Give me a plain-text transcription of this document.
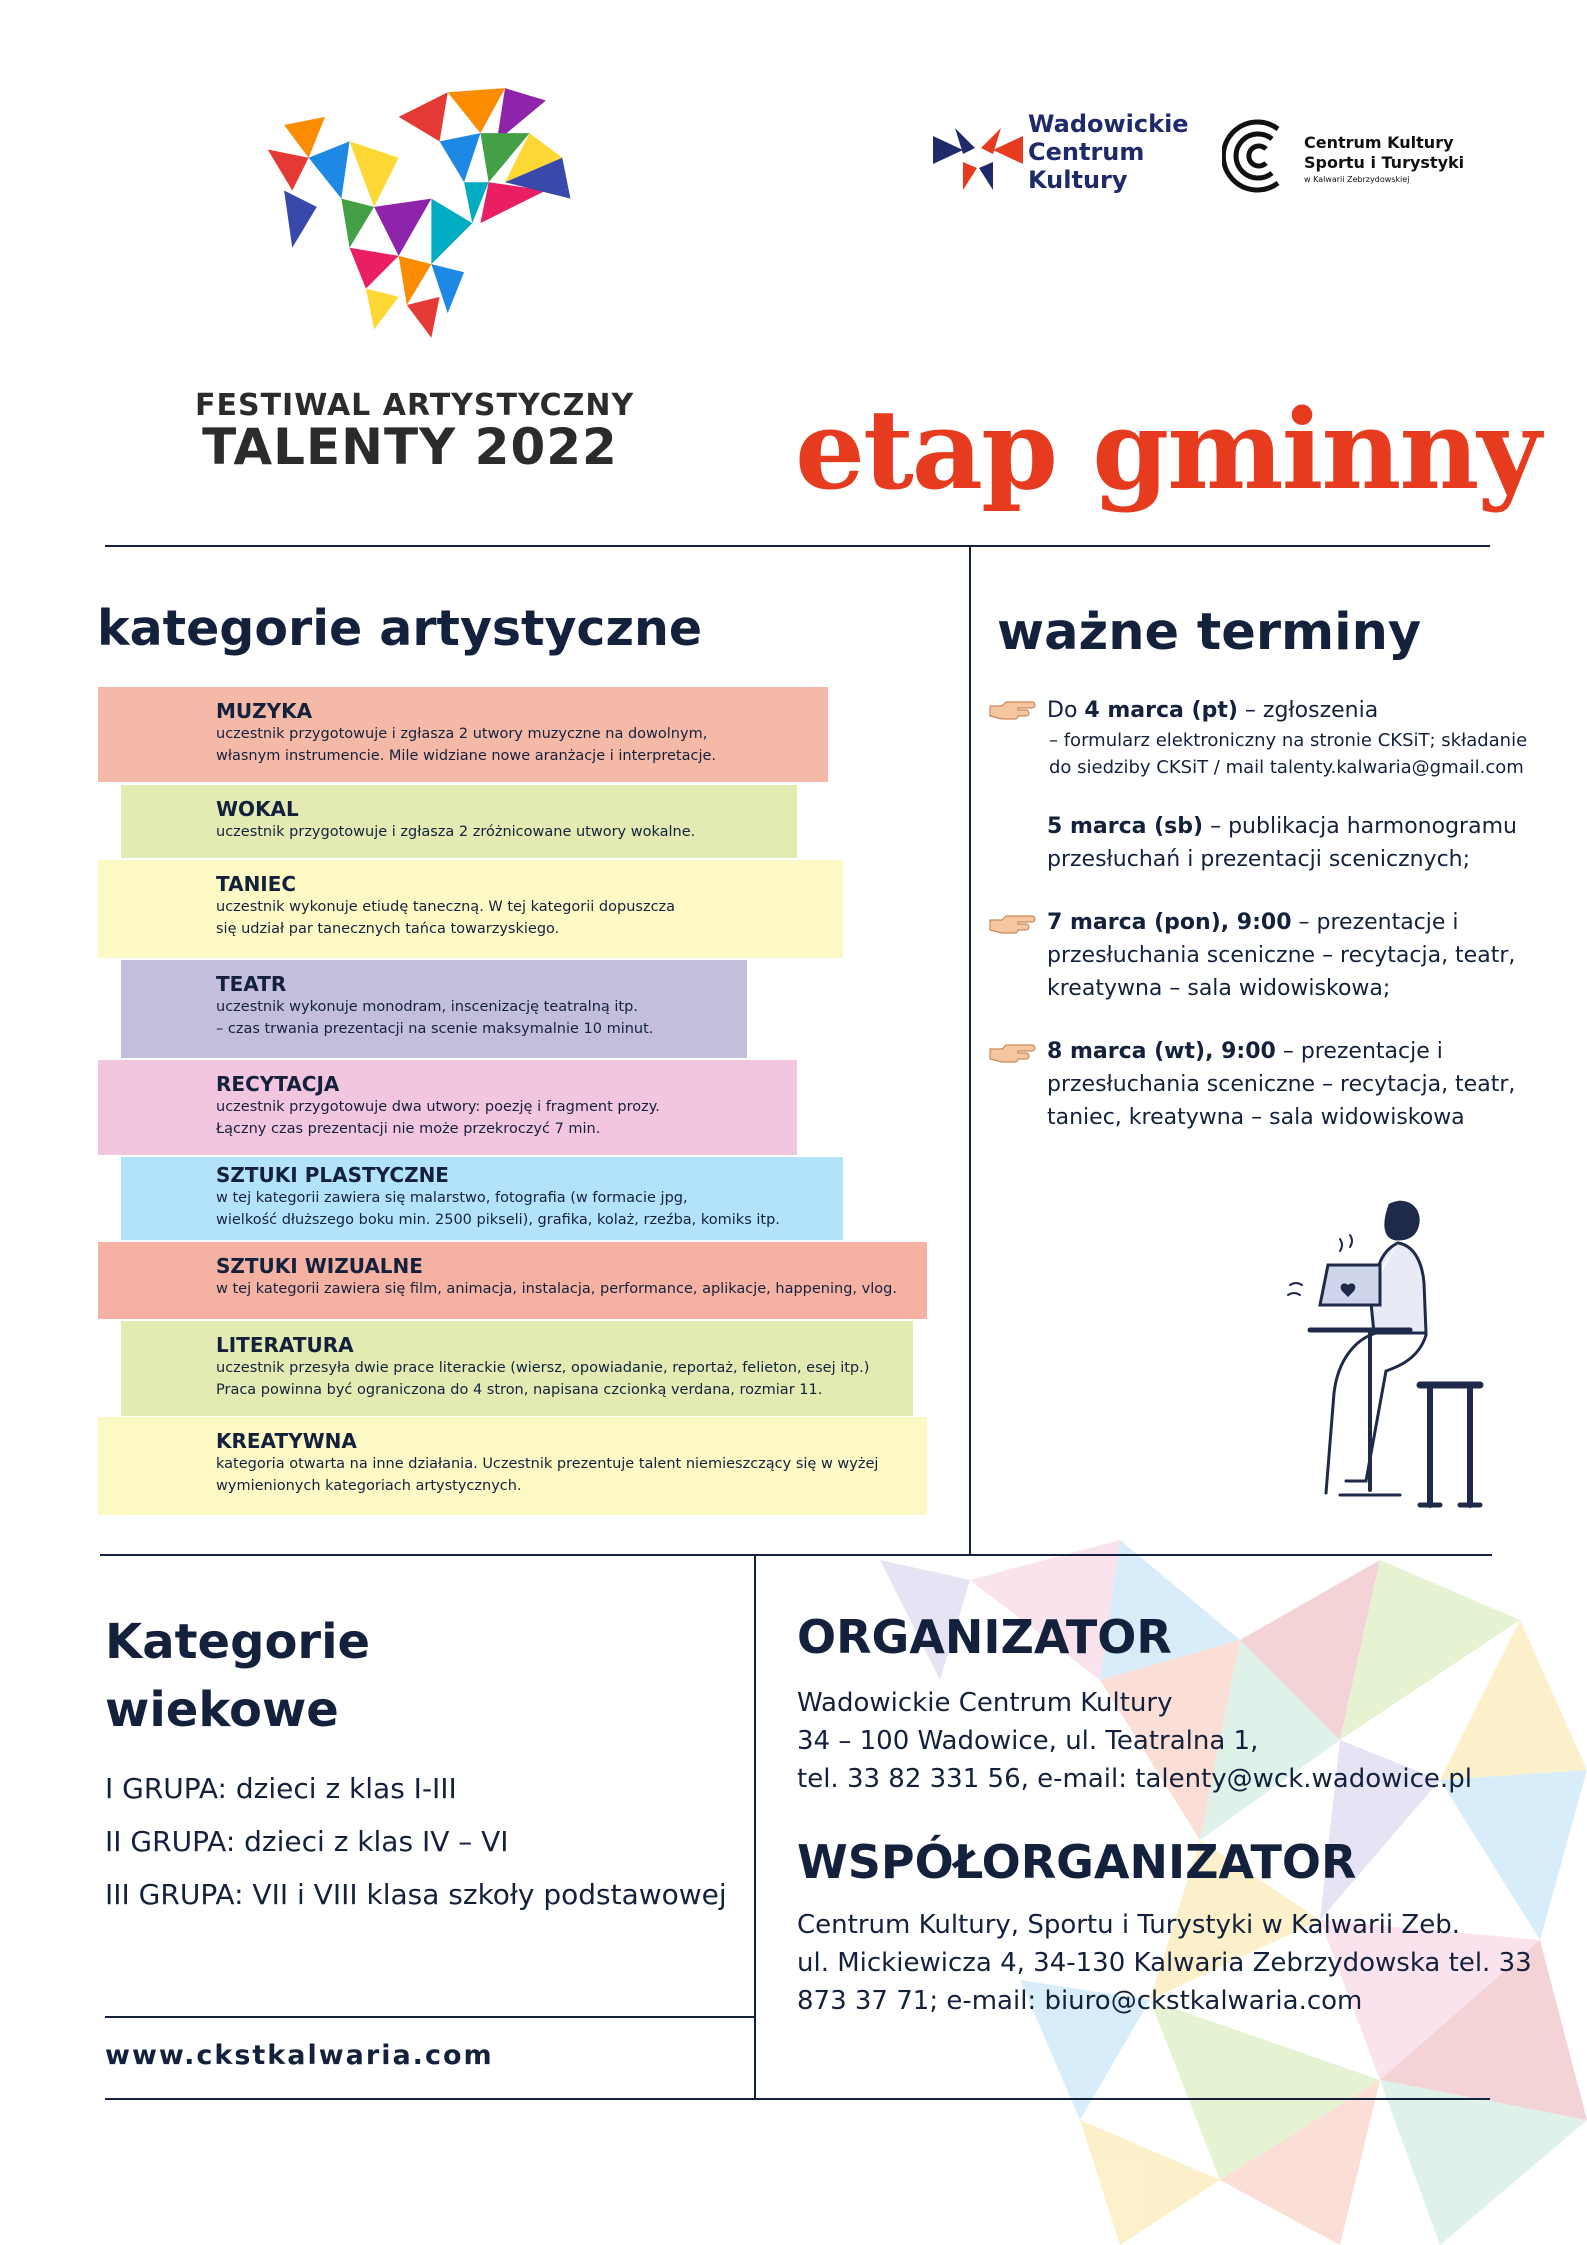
FESTIWAL ARTYSTYCZNY
TALENTY 2022
Wadowickie
Centrum
Kultury
Centrum Kultury
Sportu i Turystyki
w Kalwarii Zebrzydowskiej
etap gminny
kategorie artystyczne
MUZYKA
uczestnik przygotowuje i zgłasza 2 utwory muzyczne na dowolnym,
własnym instrumencie. Mile widziane nowe aranżacje i interpretacje.
WOKAL
uczestnik przygotowuje i zgłasza 2 zróżnicowane utwory wokalne.
TANIEC
uczestnik wykonuje etiudę taneczną. W tej kategorii dopuszcza
się udział par tanecznych tańca towarzyskiego.
TEATR
uczestnik wykonuje monodram, inscenizację teatralną itp.
– czas trwania prezentacji na scenie maksymalnie 10 minut.
RECYTACJA
uczestnik przygotowuje dwa utwory: poezję i fragment prozy.
Łączny czas prezentacji nie może przekroczyć 7 min.
SZTUKI PLASTYCZNE
w tej kategorii zawiera się malarstwo, fotografia (w formacie jpg,
wielkość dłuższego boku min. 2500 pikseli), grafika, kolaż, rzeźba, komiks itp.
SZTUKI WIZUALNE
w tej kategorii zawiera się film, animacja, instalacja, performance, aplikacje, happening, vlog.
LITERATURA
uczestnik przesyła dwie prace literackie (wiersz, opowiadanie, reportaż, felieton, esej itp.)
Praca powinna być ograniczona do 4 stron, napisana czcionką verdana, rozmiar 11.
KREATYWNA
kategoria otwarta na inne działania. Uczestnik prezentuje talent niemieszczący się w wyżej
wymienionych kategoriach artystycznych.
ważne terminy
Do 4 marca (pt) – zgłoszenia
– formularz elektroniczny na stronie CKSiT; składanie
do siedziby CKSiT / mail talenty.kalwaria@gmail.com
5 marca (sb) – publikacja harmonogramu
przesłuchań i prezentacji scenicznych;
7 marca (pon), 9:00 – prezentacje i
przesłuchania sceniczne – recytacja, teatr,
kreatywna – sala widowiskowa;
8 marca (wt), 9:00 – prezentacje i
przesłuchania sceniczne – recytacja, teatr,
taniec, kreatywna – sala widowiskowa
Kategorie
wiekowe
I GRUPA: dzieci z klas I-III
II GRUPA: dzieci z klas IV – VI
III GRUPA: VII i VIII klasa szkoły podstawowej
www.ckstkalwaria.com
ORGANIZATOR
Wadowickie Centrum Kultury
34 – 100 Wadowice, ul. Teatralna 1,
tel. 33 82 331 56, e-mail: talenty@wck.wadowice.pl
WSPÓŁORGANIZATOR
Centrum Kultury, Sportu i Turystyki w Kalwarii Zeb.
ul. Mickiewicza 4, 34-130 Kalwaria Zebrzydowska tel. 33
873 37 71; e-mail: biuro@ckstkalwaria.com
